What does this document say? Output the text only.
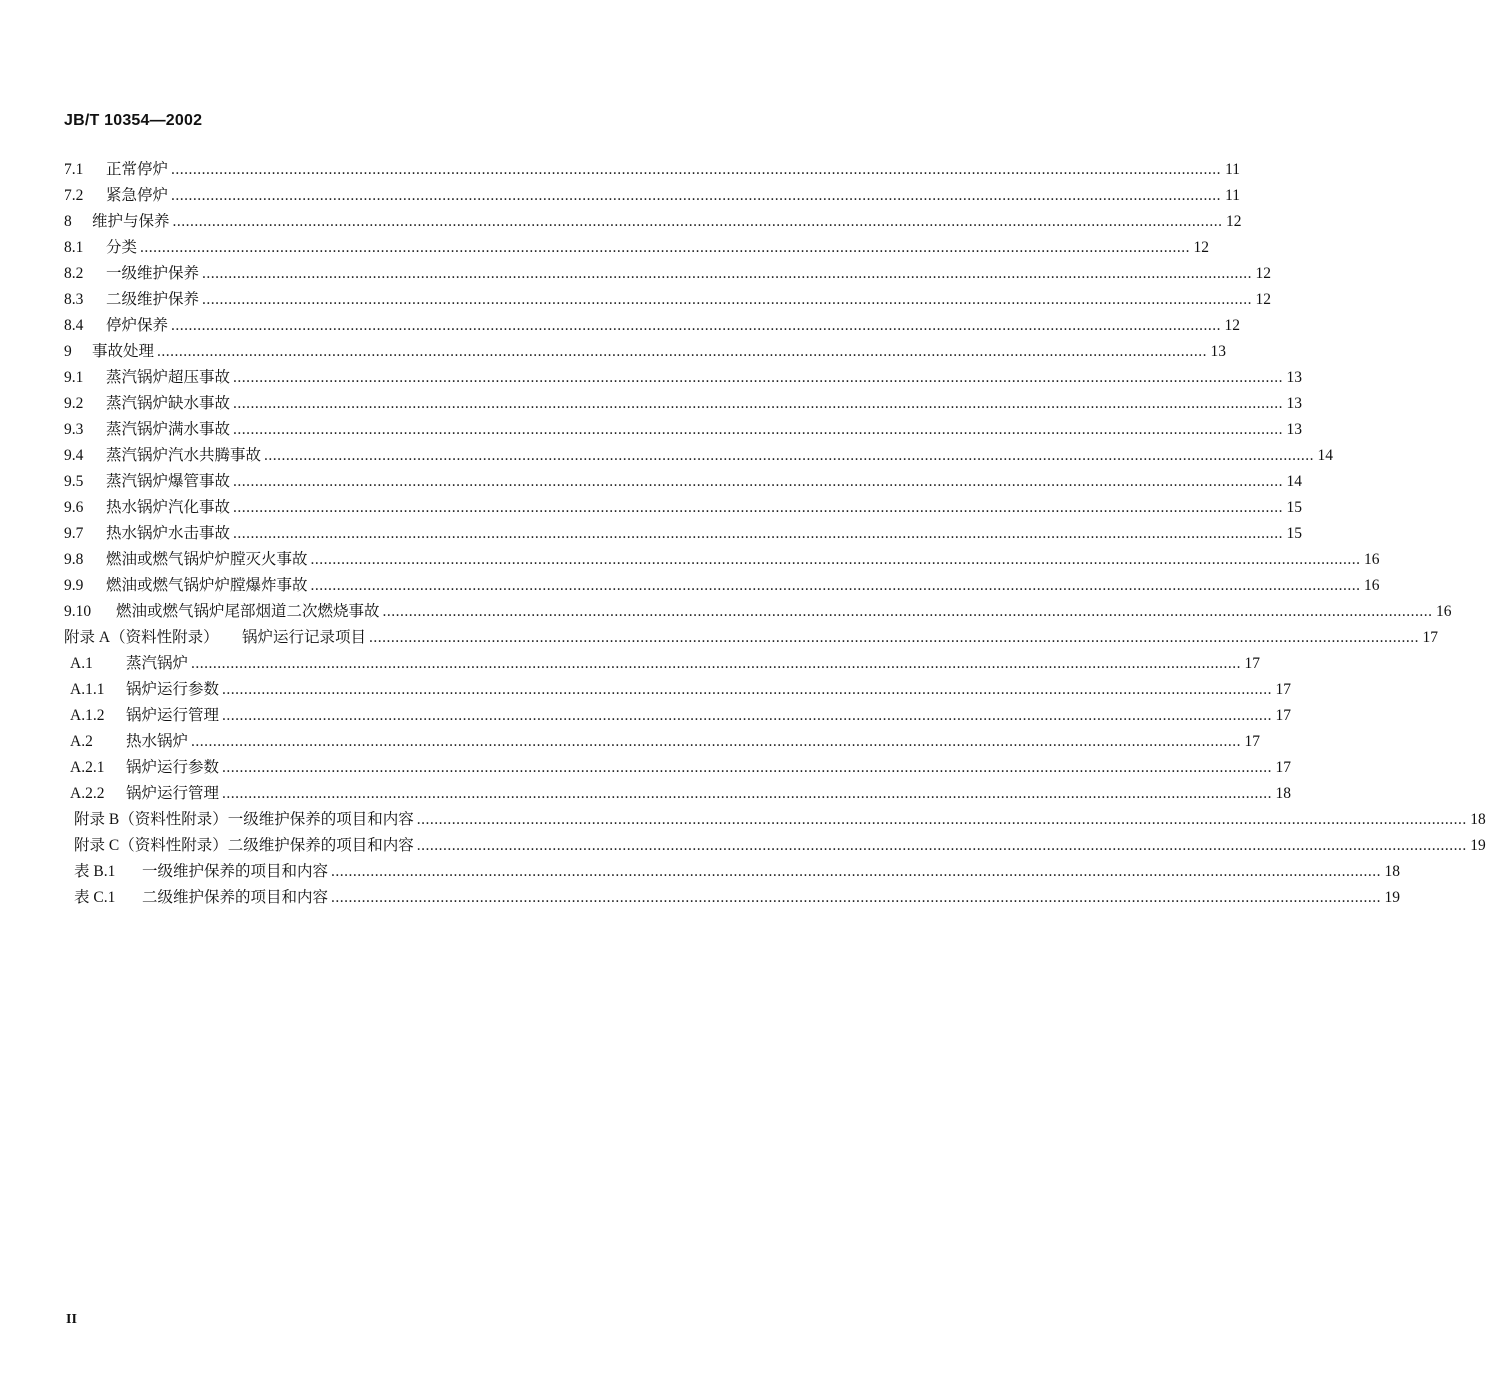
JB/T 10354—2002
7.1	正常停炉 ................................................................................................................................................................................................................................................ 11
7.2	紧急停炉 ................................................................................................................................................................................................................................................ 11
8	维护与保养 ................................................................................................................................................................................................................................................ 12
8.1	分类 ................................................................................................................................................................................................................................................ 12
8.2	一级维护保养 ................................................................................................................................................................................................................................................ 12
8.3	二级维护保养 ................................................................................................................................................................................................................................................ 12
8.4	停炉保养 ................................................................................................................................................................................................................................................ 12
9	事故处理 ................................................................................................................................................................................................................................................ 13
9.1	蒸汽锅炉超压事故 ................................................................................................................................................................................................................................................ 13
9.2	蒸汽锅炉缺水事故 ................................................................................................................................................................................................................................................ 13
9.3	蒸汽锅炉满水事故 ................................................................................................................................................................................................................................................ 13
9.4	蒸汽锅炉汽水共腾事故 ................................................................................................................................................................................................................................................ 14
9.5	蒸汽锅炉爆管事故 ................................................................................................................................................................................................................................................ 14
9.6	热水锅炉汽化事故 ................................................................................................................................................................................................................................................ 15
9.7	热水锅炉水击事故 ................................................................................................................................................................................................................................................ 15
9.8	燃油或燃气锅炉炉膛灭火事故 ................................................................................................................................................................................................................................................ 16
9.9	燃油或燃气锅炉炉膛爆炸事故 ................................................................................................................................................................................................................................................ 16
9.10	燃油或燃气锅炉尾部烟道二次燃烧事故 ................................................................................................................................................................................................................................................ 16
附录 A（资料性附录）	锅炉运行记录项目 ................................................................................................................................................................................................................................................ 17
A.1	蒸汽锅炉 ................................................................................................................................................................................................................................................ 17
A.1.1	锅炉运行参数 ................................................................................................................................................................................................................................................ 17
A.1.2	锅炉运行管理 ................................................................................................................................................................................................................................................ 17
A.2	热水锅炉 ................................................................................................................................................................................................................................................ 17
A.2.1	锅炉运行参数 ................................................................................................................................................................................................................................................ 17
A.2.2	锅炉运行管理 ................................................................................................................................................................................................................................................ 18
附录 B（资料性附录） 一级维护保养的项目和内容 ................................................................................................................................................................................................................................................ 18
附录 C（资料性附录） 二级维护保养的项目和内容 ................................................................................................................................................................................................................................................ 19
表 B.1	一级维护保养的项目和内容 ................................................................................................................................................................................................................................................ 18
表 C.1	二级维护保养的项目和内容 ................................................................................................................................................................................................................................................ 19
II
